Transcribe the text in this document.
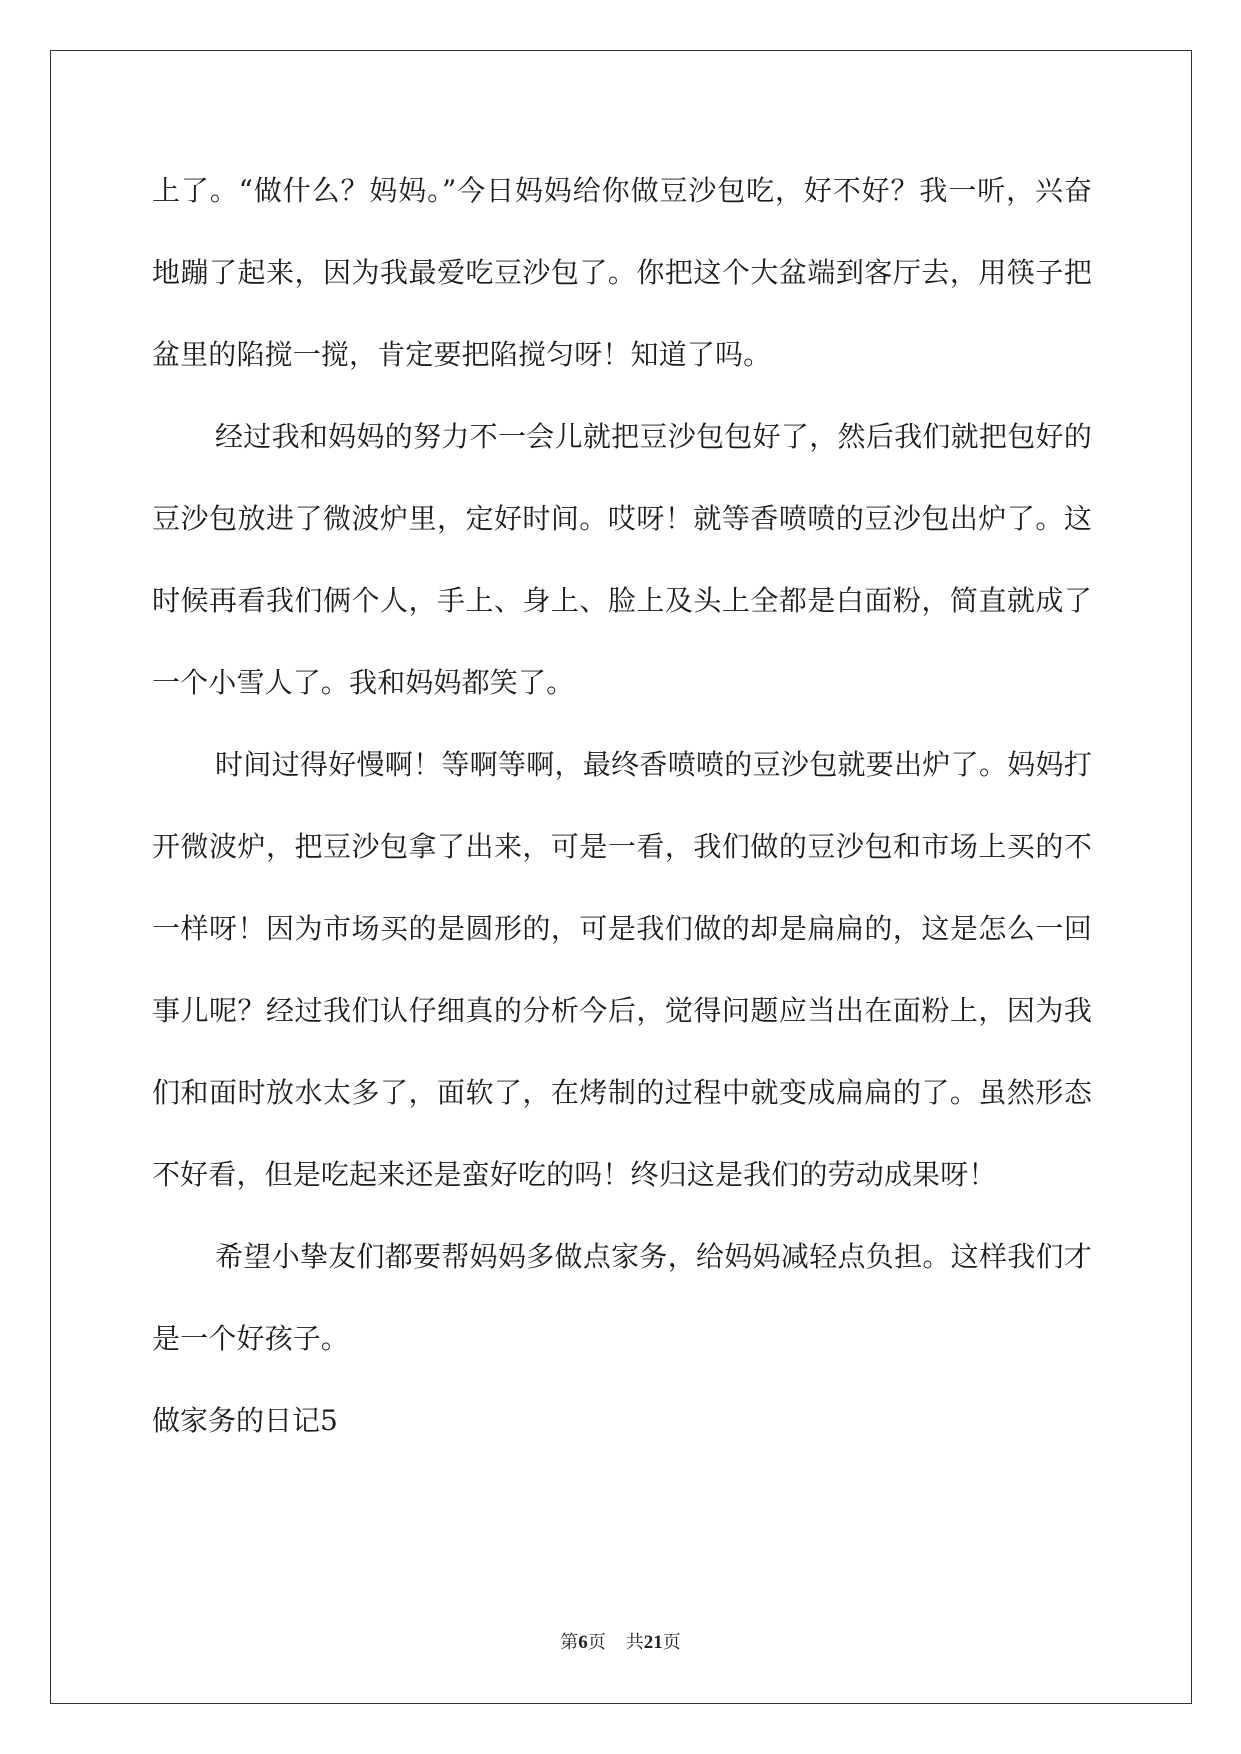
上了。“做什么？妈妈。”今日妈妈给你做豆沙包吃，好不好？我一听，兴奋地蹦了起来，因为我最爱吃豆沙包了。你把这个大盆端到客厅去，用筷子把盆里的陷搅一搅，肯定要把陷搅匀呀！知道了吗。

经过我和妈妈的努力不一会儿就把豆沙包包好了，然后我们就把包好的豆沙包放进了微波炉里，定好时间。哎呀！就等香喷喷的豆沙包出炉了。这时候再看我们俩个人，手上、身上、脸上及头上全都是白面粉，简直就成了一个小雪人了。我和妈妈都笑了。

时间过得好慢啊！等啊等啊，最终香喷喷的豆沙包就要出炉了。妈妈打开微波炉，把豆沙包拿了出来，可是一看，我们做的豆沙包和市场上买的不一样呀！因为市场买的是圆形的，可是我们做的却是扁扁的，这是怎么一回事儿呢？经过我们认仔细真的分析今后，觉得问题应当出在面粉上，因为我们和面时放水太多了，面软了，在烤制的过程中就变成扁扁的了。虽然形态不好看，但是吃起来还是蛮好吃的吗！终归这是我们的劳动成果呀！

希望小挚友们都要帮妈妈多做点家务，给妈妈减轻点负担。这样我们才是一个好孩子。

做家务的日记5

第6页 共21页
